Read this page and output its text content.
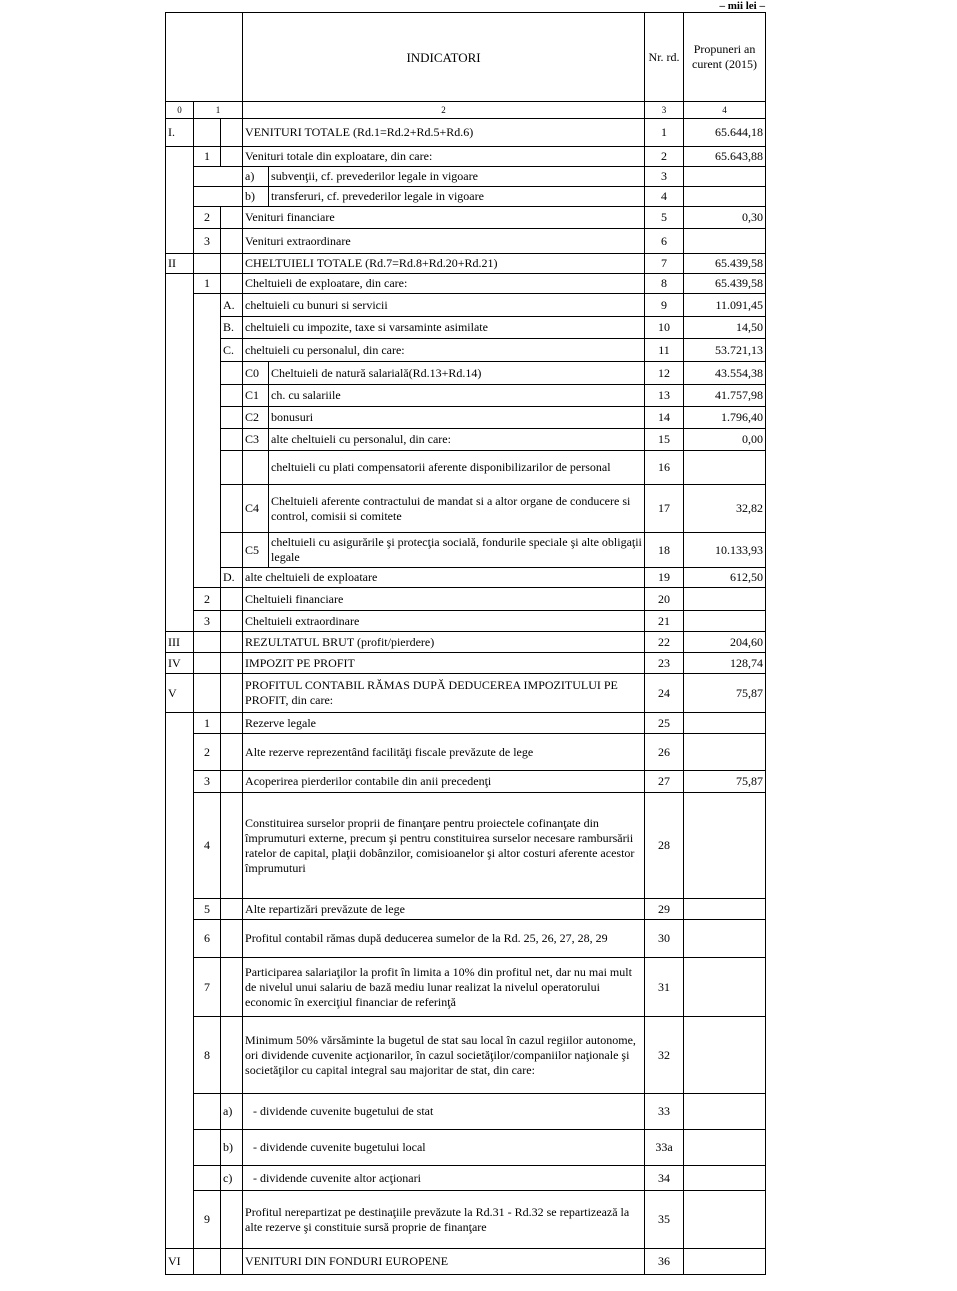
– mii lei –
			INDICATORI		Nr. rd.	Propuneri an curent (2015)
0	1		2		3	4
I.			VENITURI TOTALE (Rd.1=Rd.2+Rd.5+Rd.6)		1	65.644,18
	1		Venituri totale din exploatare, din care:		2	65.643,88
			a)	subvenţii, cf. prevederilor legale in vigoare	3	
			b)	transferuri, cf. prevederilor legale in vigoare	4	
	2		Venituri financiare		5	0,30
	3		Venituri extraordinare		6	
II			CHELTUIELI TOTALE (Rd.7=Rd.8+Rd.20+Rd.21)		7	65.439,58
	1		Cheltuieli de exploatare, din care:		8	65.439,58
		A.	cheltuieli cu bunuri si servicii		9	11.091,45
		B.	cheltuieli cu impozite, taxe si varsaminte asimilate		10	14,50
		C.	cheltuieli cu personalul, din care:		11	53.721,13
			C0	Cheltuieli de natură salarială(Rd.13+Rd.14)	12	43.554,38
			C1	ch. cu salariile	13	41.757,98
			C2	bonusuri	14	1.796,40
			C3	alte cheltuieli cu personalul, din care:	15	0,00
				cheltuieli cu plati compensatorii aferente disponibilizarilor de personal	16	
			C4	Cheltuieli aferente contractului de mandat si a altor organe de conducere si control, comisii si comitete	17	32,82
			C5	cheltuieli cu asigurările şi protecţia socială, fondurile speciale şi alte obligaţii legale	18	10.133,93
		D.	alte cheltuieli de exploatare		19	612,50
	2		Cheltuieli financiare		20	
	3		Cheltuieli extraordinare		21	
III			REZULTATUL BRUT (profit/pierdere)		22	204,60
IV			IMPOZIT PE PROFIT		23	128,74
V			PROFITUL CONTABIL RĂMAS DUPĂ DEDUCEREA IMPOZITULUI PE PROFIT, din care:		24	75,87
	1		Rezerve legale		25	
	2		Alte rezerve reprezentând facilităţi fiscale prevăzute de lege		26	
	3		Acoperirea pierderilor contabile din anii precedenţi		27	75,87
	4		Constituirea surselor proprii de finanţare pentru proiectele cofinanţate din împrumuturi externe, precum şi pentru constituirea surselor necesare rambursării ratelor de capital, plaţii dobânzilor, comisioanelor şi altor costuri aferente acestor împrumuturi		28	
	5		Alte repartizări prevăzute de lege		29	
	6		Profitul contabil rămas după deducerea sumelor de la Rd. 25, 26, 27, 28, 29		30	
	7		Participarea salariaţilor la profit în limita a 10% din profitul net, dar nu mai mult de nivelul unui salariu de bază mediu lunar realizat la nivelul operatorului economic în exerciţiul financiar de referinţă		31	
	8		Minimum 50% vărsăminte la bugetul de stat sau local în cazul regiilor autonome, ori dividende cuvenite acţionarilor, în cazul societăţilor/companiilor naţionale şi societăţilor cu capital integral sau majoritar de stat, din care:		32	
		a)	- dividende cuvenite bugetului de stat		33	
		b)	- dividende cuvenite bugetului local		33a	
		c)	- dividende cuvenite altor acţionari		34	
	9		Profitul nerepartizat pe destinaţiile prevăzute la Rd.31 - Rd.32 se repartizează la alte rezerve şi constituie sursă proprie de finanţare		35	
VI			VENITURI DIN FONDURI EUROPENE		36	
